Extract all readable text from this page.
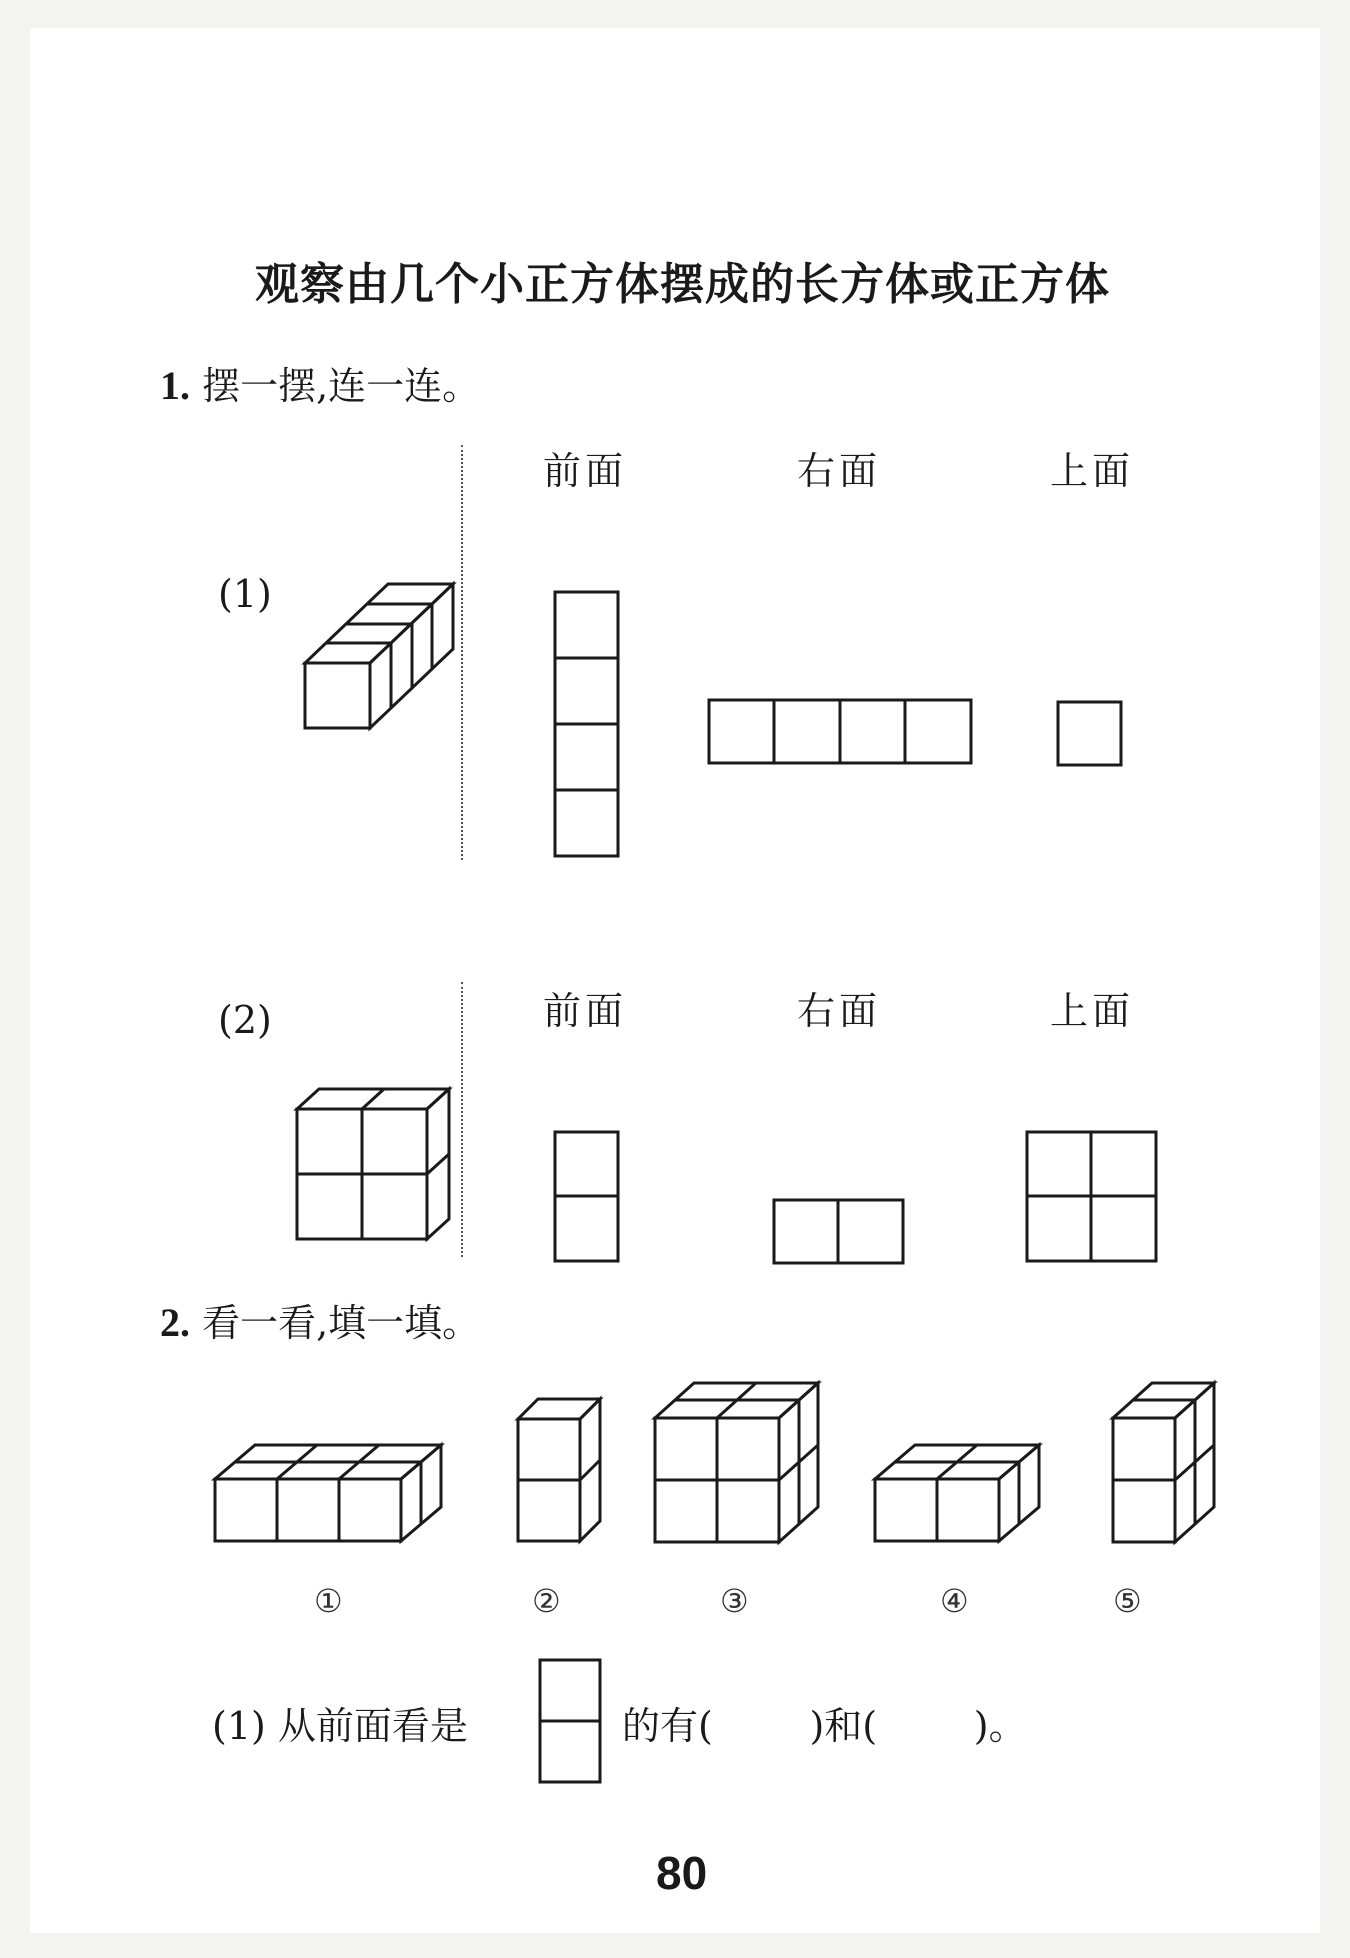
观察由几个小正方体摆成的长方体或正方体
1. 摆一摆,连一连。
(1)
前面	右面	上面
(2)	前面	右面	上面
2. 看一看,填一填。
①	②	③	④	⑤
(1) 从前面看是	的有(        )和(        )。
80
